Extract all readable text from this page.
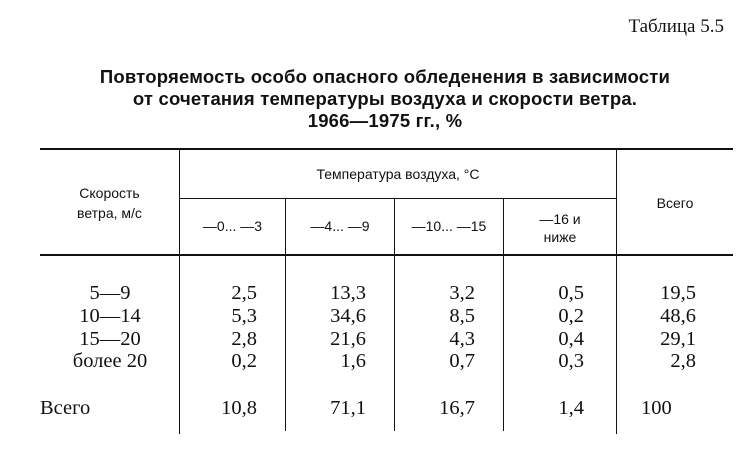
Таблица 5.5
Повторяемость особо опасного обледенения в зависимости
от сочетания температуры воздуха и скорости ветра.
1966—1975 гг., %
Скорость
ветра, м/с
Температура воздуха, °С
—0... —3	—4... —9	—10... —15	—16 и
ниже
Всего
5—9	2,5	13,3	3,2	0,5	19,5
10—14	5,3	34,6	8,5	0,2	48,6
15—20	2,8	21,6	4,3	0,4	29,1
более 20	0,2	1,6	0,7	0,3	2,8
Всего	10,8	71,1	16,7	1,4	100
